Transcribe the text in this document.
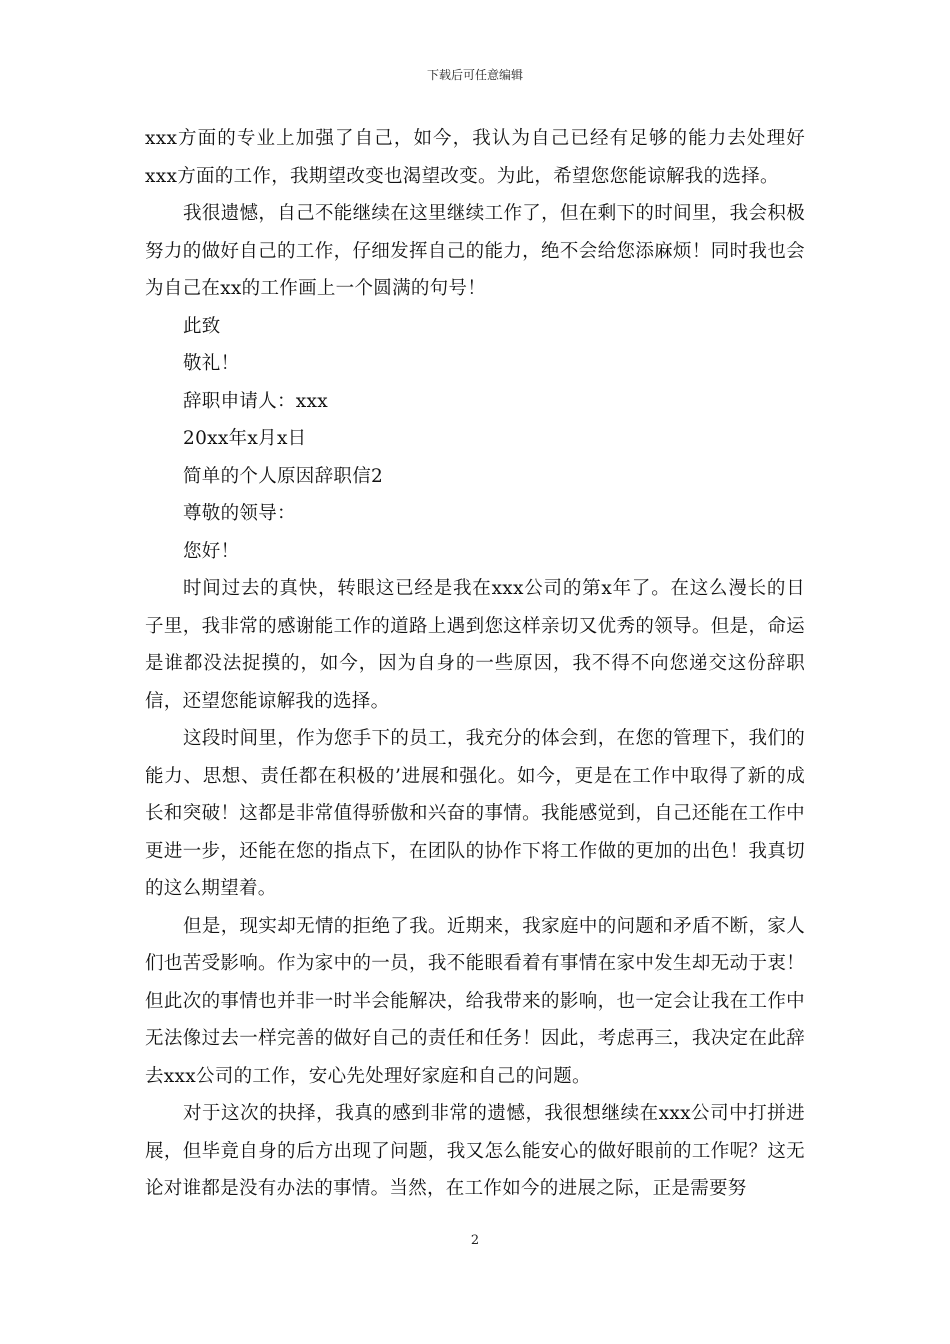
下载后可任意编辑

xxx方面的专业上加强了自己，如今，我认为自己已经有足够的能力去处理好xxx方面的工作，我期望改变也渴望改变。为此，希望您您能谅解我的选择。

我很遗憾，自己不能继续在这里继续工作了，但在剩下的时间里，我会积极努力的做好自己的工作，仔细发挥自己的能力，绝不会给您添麻烦！同时我也会为自己在xx的工作画上一个圆满的句号！

此致

敬礼！

辞职申请人：xxx

20xx年x月x日

简单的个人原因辞职信2

尊敬的领导：

您好！

时间过去的真快，转眼这已经是我在xxx公司的第x年了。在这么漫长的日子里，我非常的感谢能工作的道路上遇到您这样亲切又优秀的领导。但是，命运是谁都没法捉摸的，如今，因为自身的一些原因，我不得不向您递交这份辞职信，还望您能谅解我的选择。

这段时间里，作为您手下的员工，我充分的体会到，在您的管理下，我们的能力、思想、责任都在积极的’进展和强化。如今，更是在工作中取得了新的成长和突破！这都是非常值得骄傲和兴奋的事情。我能感觉到，自己还能在工作中更进一步，还能在您的指点下，在团队的协作下将工作做的更加的出色！我真切的这么期望着。

但是，现实却无情的拒绝了我。近期来，我家庭中的问题和矛盾不断，家人们也苦受影响。作为家中的一员，我不能眼看着有事情在家中发生却无动于衷！但此次的事情也并非一时半会能解决，给我带来的影响，也一定会让我在工作中无法像过去一样完善的做好自己的责任和任务！因此，考虑再三，我决定在此辞去xxx公司的工作，安心先处理好家庭和自己的问题。

对于这次的抉择，我真的感到非常的遗憾，我很想继续在xxx公司中打拼进展，但毕竟自身的后方出现了问题，我又怎么能安心的做好眼前的工作呢？这无论对谁都是没有办法的事情。当然，在工作如今的进展之际，正是需要努

2
